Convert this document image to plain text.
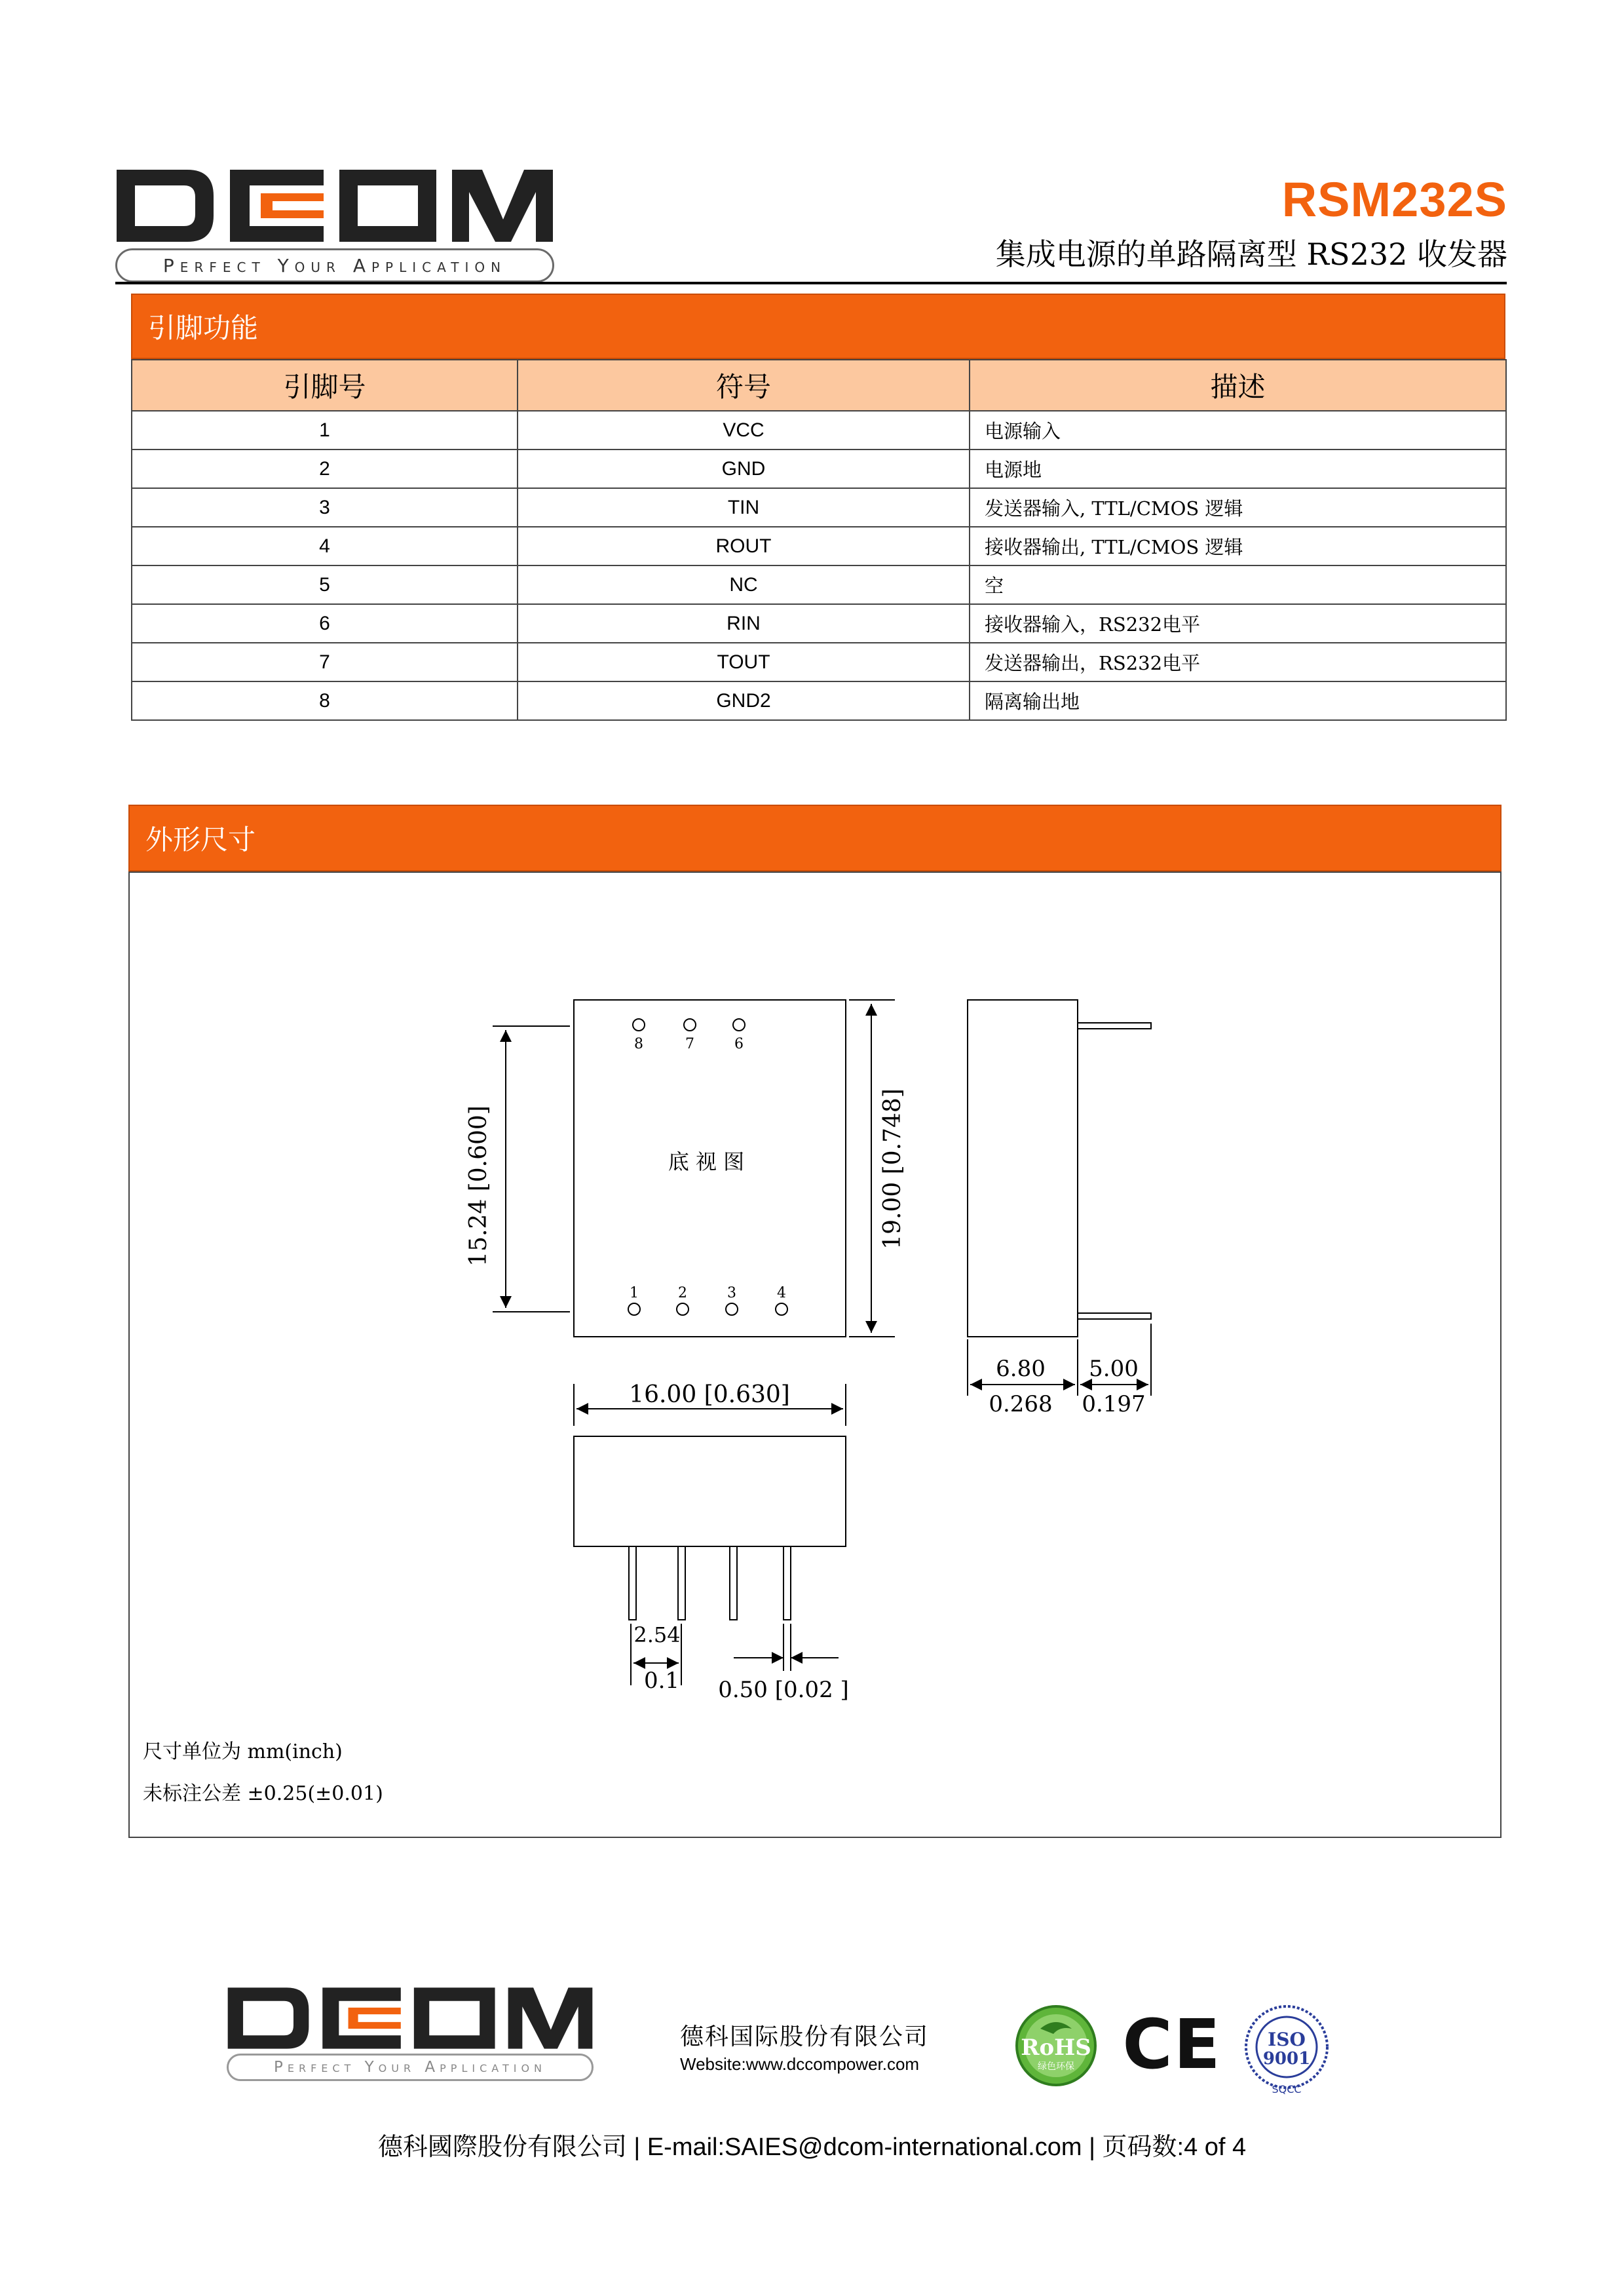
Perfect Your Application
RSM232S
集成电源的单路隔离型 RS232 收发器
引脚功能
引脚号	符号	描述
1	VCC	电源输入
2	GND	电源地
3	TIN	发送器输入, TTL/CMOS 逻辑
4	ROUT	接收器输出, TTL/CMOS 逻辑
5	NC	空
6	RIN	接收器输入，RS232电平
7	TOUT	发送器输出，RS232电平
8	GND2	隔离输出地
外形尺寸
8	7	6
1	2	3	4
底 视 图
15.24 [0.600]	19.00 [0.748]
6.80
0.268
5.00
0.197
16.00 [0.630]
2.54
0.1 0.50 [0.02 ]
尺寸单位为 mm(inch)
未标注公差 ±0.25(±0.01)
Perfect Your Application
德科国际股份有限公司
Website:www.dccompower.com
RoHS
绿色环保 CE	ISO
9001
SQCC
德科國際股份有限公司 | E-mail:SAIES@dcom-international.com | 页码数:4 of 4
